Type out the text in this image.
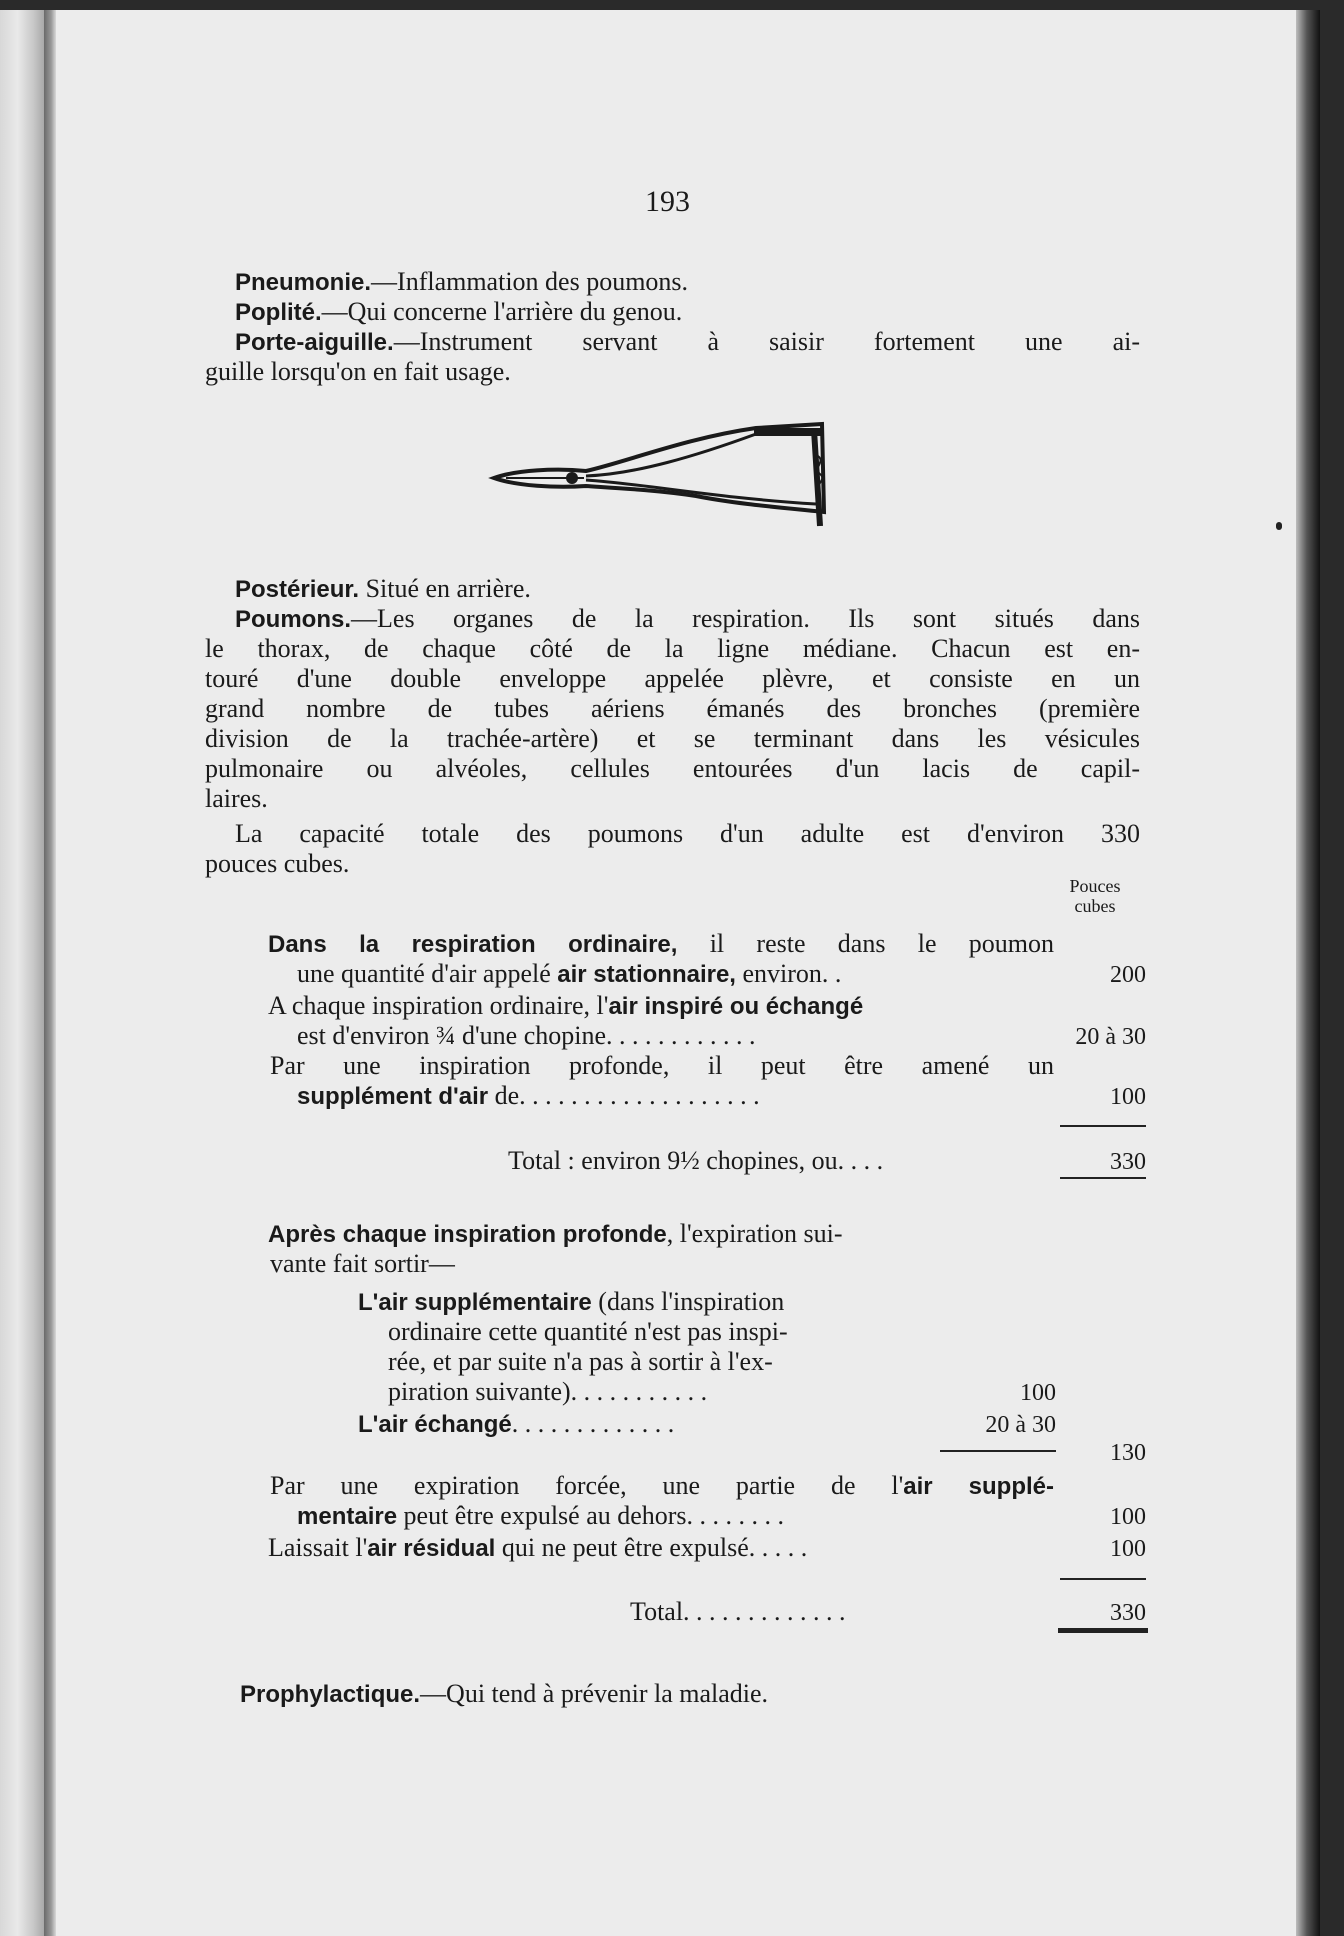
193
Pneumonie.—Inflammation des poumons.
Poplité.—Qui concerne l'arrière du genou.
Porte-aiguille.—Instrument servant à saisir fortement une ai-
guille lorsqu'on en fait usage.
Postérieur. Situé en arrière.
Poumons.—Les organes de la respiration. Ils sont situés dans
le thorax, de chaque côté de la ligne médiane. Chacun est en-
touré d'une double enveloppe appelée plèvre, et consiste en un
grand nombre de tubes aériens émanés des bronches (première
division de la trachée-artère) et se terminant dans les vésicules
pulmonaire ou alvéoles, cellules entourées d'un lacis de capil-
laires.
La capacité totale des poumons d'un adulte est d'environ 330
pouces cubes.
Pouces
cubes
Dans la respiration ordinaire, il reste dans le poumon
une quantité d'air appelé air stationnaire, environ. .	200
A chaque inspiration ordinaire, l'air inspiré ou échangé
est d'environ ¾ d'une chopine. . . . . . . . . . . .	20 à 30
Par une inspiration profonde, il peut être amené un
supplément d'air de. . . . . . . . . . . . . . . . . . .	100
Total : environ 9½ chopines, ou. . . .	330
Après chaque inspiration profonde, l'expiration sui-
vante fait sortir—
L'air supplémentaire (dans l'inspiration
ordinaire cette quantité n'est pas inspi-
rée, et par suite n'a pas à sortir à l'ex-
piration suivante). . . . . . . . . . .	100
L'air échangé. . . . . . . . . . . . .	20 à 30
130
Par une expiration forcée, une partie de l'air supplé-
mentaire peut être expulsé au dehors. . . . . . . .	100
Laissait l'air résidual qui ne peut être expulsé. . . . .	100
Total. . . . . . . . . . . . .	330
Prophylactique.—Qui tend à prévenir la maladie.
